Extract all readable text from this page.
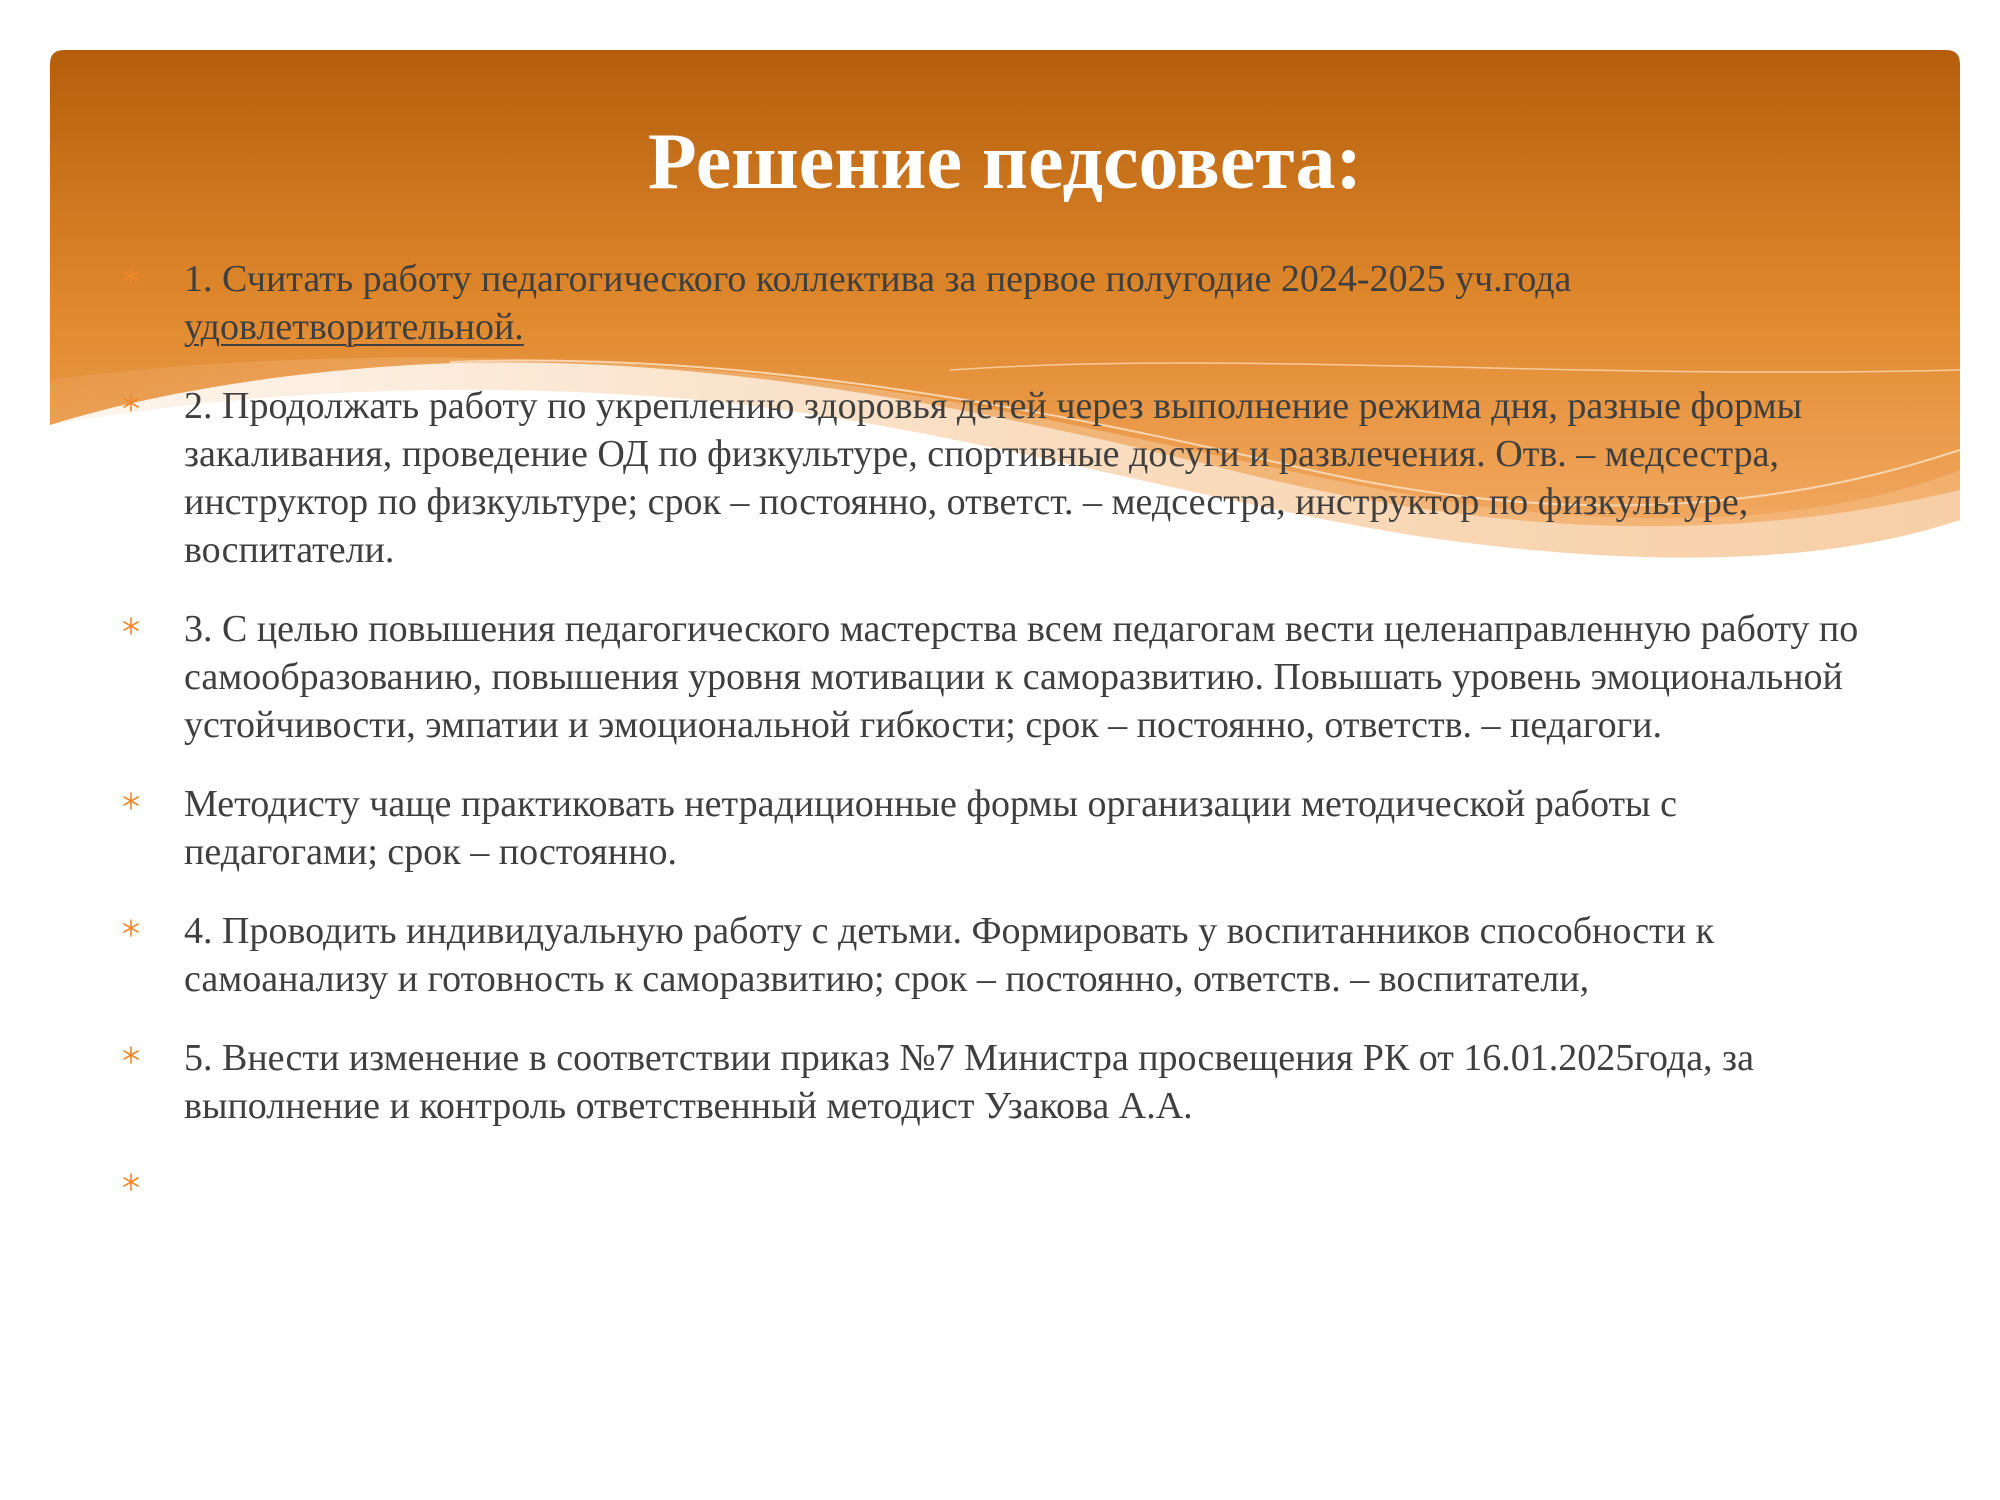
Решение педсовета:
1. Считать работу педагогического коллектива за первое полугодие 2024-2025 уч.года удовлетворительной.
2. Продолжать работу по укреплению здоровья детей через выполнение режима дня, разные формы закаливания, проведение ОД по физкультуре, спортивные досуги и развлечения. Отв. – медсестра, инструктор по физкультуре; срок – постоянно, ответст. – медсестра, инструктор по физкультуре, воспитатели.
3. С целью повышения педагогического мастерства всем педагогам вести целенаправленную работу по самообразованию, повышения уровня мотивации к саморазвитию. Повышать уровень эмоциональной устойчивости, эмпатии и эмоциональной гибкости; срок – постоянно, ответств. – педагоги.
Методисту чаще практиковать нетрадиционные формы организации методической работы с педагогами; срок – постоянно.
4. Проводить индивидуальную работу с детьми. Формировать у воспитанников способности к самоанализу и готовность к саморазвитию; срок – постоянно, ответств. – воспитатели,
5. Внести изменение в соответствии приказ №7 Министра просвещения РК от 16.01.2025года, за выполнение и контроль ответственный методист Узакова А.А.
